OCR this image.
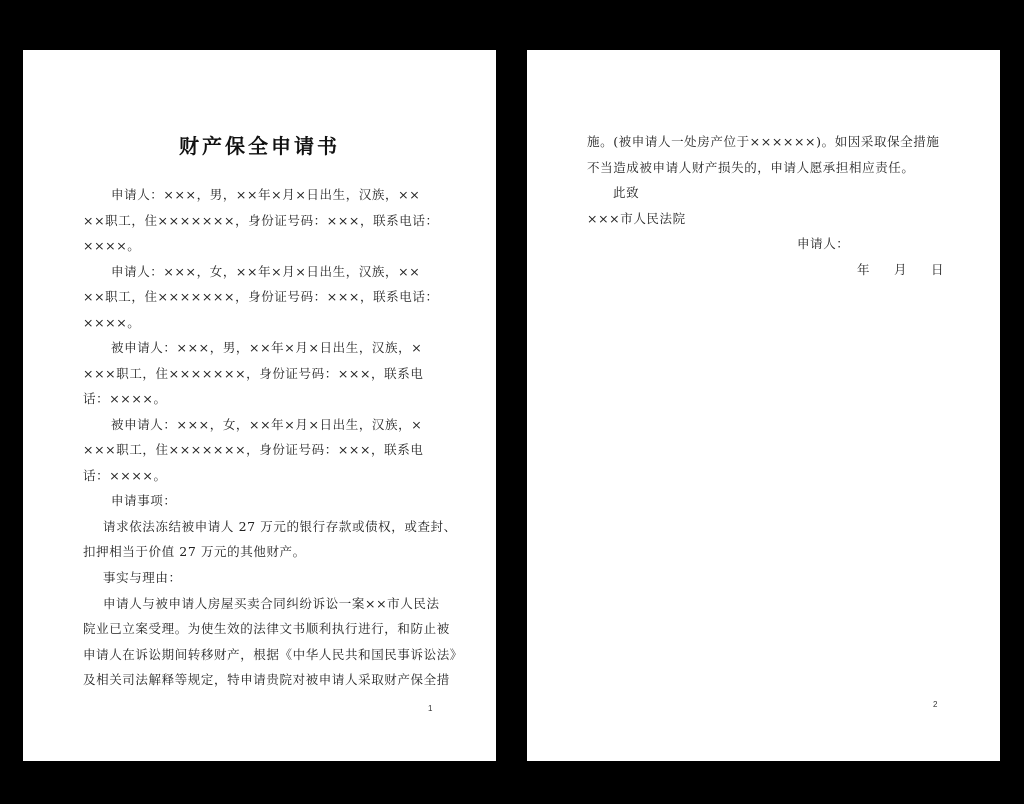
财产保全申请书
申请人：×××，男，××年×月×日出生，汉族，××
××职工，住×××××××，身份证号码：×××，联系电话：
××××。
申请人：×××，女，××年×月×日出生，汉族，××
××职工，住×××××××，身份证号码：×××，联系电话：
××××。
被申请人：×××，男，××年×月×日出生，汉族，×
×××职工，住×××××××，身份证号码：×××，联系电
话：××××。
被申请人：×××，女，××年×月×日出生，汉族，×
×××职工，住×××××××，身份证号码：×××，联系电
话：××××。
申请事项：
请求依法冻结被申请人 27 万元的银行存款或债权，或查封、
扣押相当于价值 27 万元的其他财产。
事实与理由：
申请人与被申请人房屋买卖合同纠纷诉讼一案××市人民法
院业已立案受理。为使生效的法律文书顺利执行进行，和防止被
申请人在诉讼期间转移财产，根据《中华人民共和国民事诉讼法》
及相关司法解释等规定，特申请贵院对被申请人采取财产保全措
1
施。(被申请人一处房产位于××××××)。如因采取保全措施
不当造成被申请人财产损失的，申请人愿承担相应责任。
此致
×××市人民法院
申请人：
年　月　日
2
